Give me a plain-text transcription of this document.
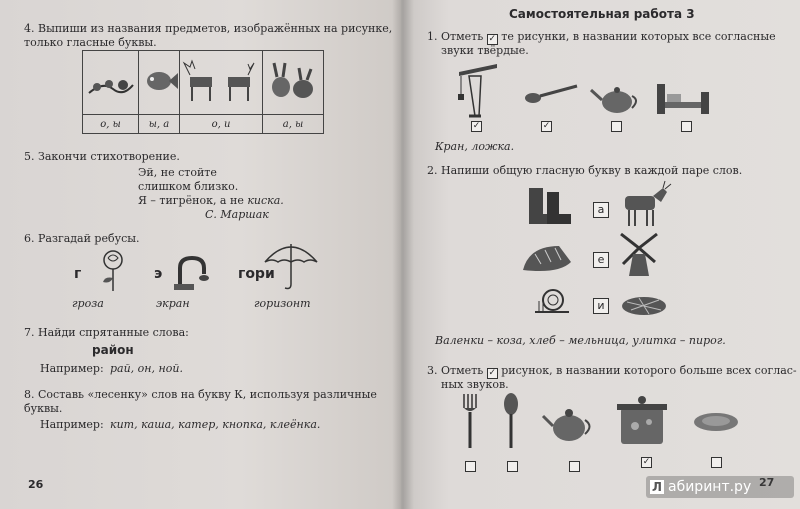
4. Выпиши из названия предметов, изображённых на рисунке,
только гласные буквы.

о, ы	ы, а	о, и	а, ы
5. Закончи стихотворение.
Эй, не стойте
слишком близко.
Я – тигрёнок, а не киска.
С. Маршак
6. Разгадай ребусы.
г	э	гори
гроза	экран	горизонт
7. Найди спрятанные слова:
район
Например: рай, он, ной.
8. Составь «лесенку» слов на букву К, используя различные
буквы.
Например: кит, каша, катер, кнопка, клеёнка.
26
Самостоятельная работа 3
1. Отметь ✓ те рисунки, в названии которых все согласные
звуки твёрдые.
✓	✓
Кран, ложка.
2. Напиши общую гласную букву в каждой паре слов.
а
е
и
Валенки – коза, хлеб – мельница, улитка – пирог.
3. Отметь ✓ рисунок, в названии которого больше всех соглас-
ных звуков.
✓
27
Л абиринт.ру
